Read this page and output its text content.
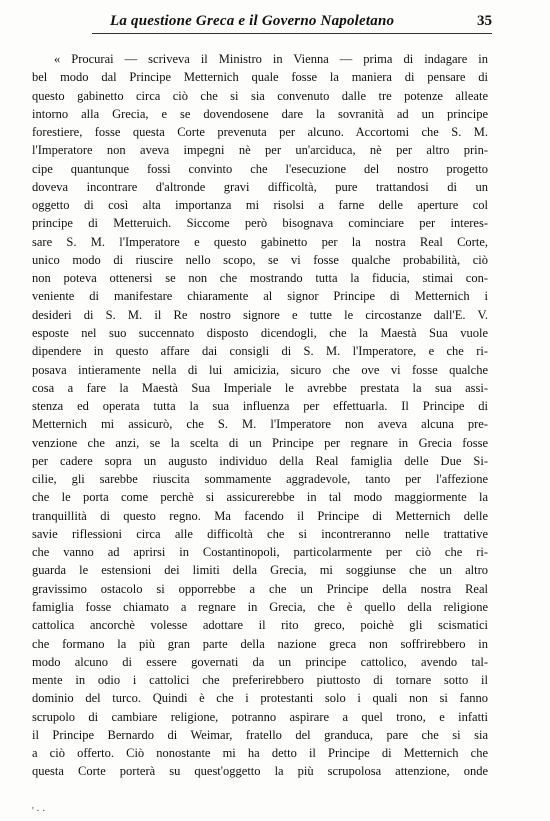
La questione Greca e il Governo Napoletano	35
« Procurai — scriveva il Ministro in Vienna — prima di indagare in
bel modo dal Principe Metternich quale fosse la maniera di pensare di
questo gabinetto circa ciò che si sia convenuto dalle tre potenze alleate
intorno alla Grecia, e se dovendosene dare la sovranità ad un principe
forestiere, fosse questa Corte prevenuta per alcuno. Accortomi che S. M.
l'Imperatore non aveva impegni nè per un'arciduca, nè per altro prin-
cipe quantunque fossi convinto che l'esecuzione del nostro progetto
doveva incontrare d'altronde gravi difficoltà, pure trattandosi di un
oggetto di così alta importanza mi risolsi a farne delle aperture col
principe di Metteruich. Siccome però bisognava cominciare per interes-
sare S. M. l'Imperatore e questo gabinetto per la nostra Real Corte,
unico modo di riuscire nello scopo, se vi fosse qualche probabilità, ciò
non poteva ottenersi se non che mostrando tutta la fiducia, stimai con-
veniente di manifestare chiaramente al signor Principe di Metternich i
desideri di S. M. il Re nostro signore e tutte le circostanze dall'E. V.
esposte nel suo succennato disposto dicendogli, che la Maestà Sua vuole
dipendere in questo affare dai consigli di S. M. l'Imperatore, e che ri-
posava intieramente nella di lui amicizia, sicuro che ove vi fosse qualche
cosa a fare la Maestà Sua Imperiale le avrebbe prestata la sua assi-
stenza ed operata tutta la sua influenza per effettuarla. Il Principe di
Metternich mi assicurò, che S. M. l'Imperatore non aveva alcuna pre-
venzione che anzi, se la scelta di un Principe per regnare in Grecia fosse
per cadere sopra un augusto individuo della Real famiglia delle Due Si-
cilie, gli sarebbe riuscita sommamente aggradevole, tanto per l'affezione
che le porta come perchè si assicurerebbe in tal modo maggiormente la
tranquillità di questo regno. Ma facendo il Principe di Metternich delle
savie riflessioni circa alle difficoltà che si incontreranno nelle trattative
che vanno ad aprirsi in Costantinopoli, particolarmente per ciò che ri-
guarda le estensioni dei limiti della Grecia, mi soggiunse che un altro
gravissimo ostacolo si opporrebbe a che un Principe della nostra Real
famiglia fosse chiamato a regnare in Grecia, che è quello della religione
cattolica ancorchè volesse adottare il rito greco, poichè gli scismatici
che formano la più gran parte della nazione greca non soffrirebbero in
modo alcuno di essere governati da un principe cattolico, avendo tal-
mente in odio i cattolici che preferirebbero piuttosto di tornare sotto il
dominio del turco. Quindi è che i protestanti solo i quali non si fanno
scrupolo di cambiare religione, potranno aspirare a quel trono, e infatti
il Principe Bernardo di Weimar, fratello del granduca, pare che si sia
a ciò offerto. Ciò nonostante mi ha detto il Principe di Metternich che
questa Corte porterà su quest'oggetto la più scrupolosa attenzione, onde
' · ·
